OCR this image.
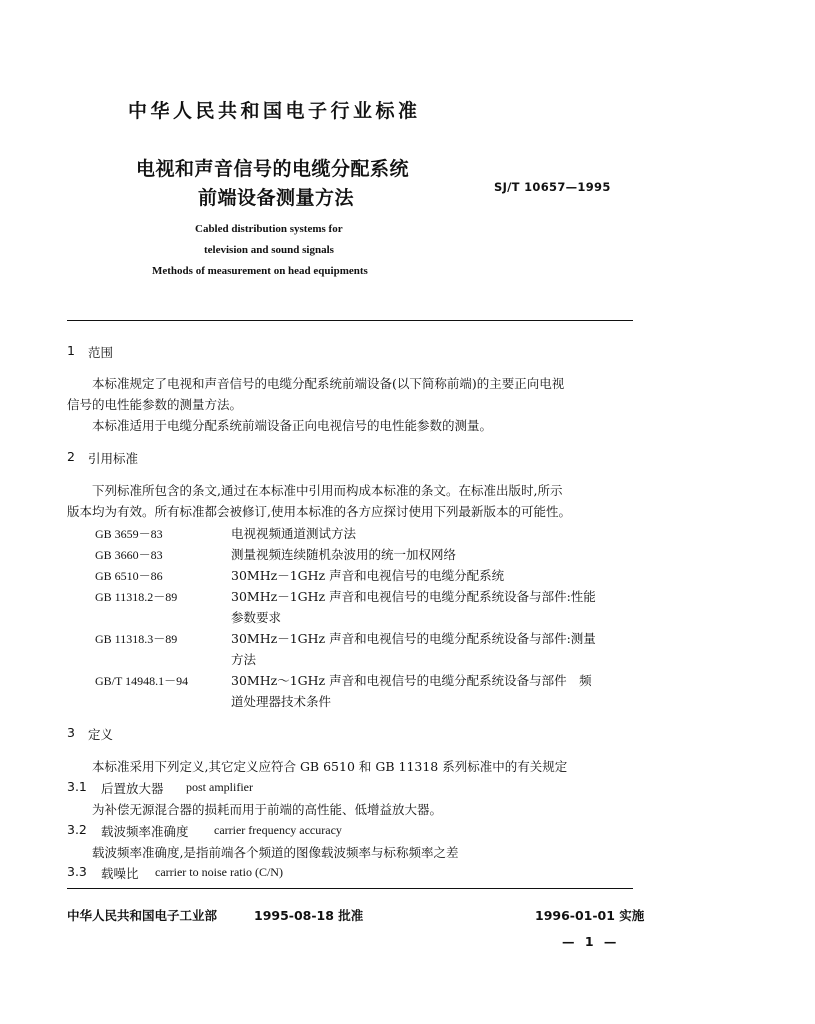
中华人民共和国电子行业标准
电视和声音信号的电缆分配系统
前端设备测量方法	SJ/T 10657—1995
Cabled distribution systems for
television and sound signals
Methods of measurement on head equipments
1 范围
本标准规定了电视和声音信号的电缆分配系统前端设备(以下简称前端)的主要正向电视
信号的电性能参数的测量方法。
本标准适用于电缆分配系统前端设备正向电视信号的电性能参数的测量。
2 引用标准
下列标准所包含的条文,通过在本标准中引用而构成本标准的条文。在标准出版时,所示
版本均为有效。所有标准都会被修订,使用本标准的各方应探讨使用下列最新版本的可能性。
GB 3659－83	电视视频通道测试方法
GB 3660－83	测量视频连续随机杂波用的统一加权网络
GB 6510－86	30MHz－1GHz 声音和电视信号的电缆分配系统
GB 11318.2－89	30MHz－1GHz 声音和电视信号的电缆分配系统设备与部件:性能
参数要求
GB 11318.3－89	30MHz－1GHz 声音和电视信号的电缆分配系统设备与部件:测量
方法
GB/T 14948.1－94	30MHz～1GHz 声音和电视信号的电缆分配系统设备与部件　频
道处理器技术条件
3 定义
本标准采用下列定义,其它定义应符合 GB 6510 和 GB 11318 系列标准中的有关规定
3.1 后置放大器 post amplifier
为补偿无源混合器的损耗而用于前端的高性能、低增益放大器。
3.2 载波频率准确度 carrier frequency accuracy
载波频率准确度,是指前端各个频道的图像载波频率与标称频率之差
3.3 载噪比 carrier to noise ratio (C/N)
中华人民共和国电子工业部	1995-08-18 批准	1996-01-01 实施
— 1 —
